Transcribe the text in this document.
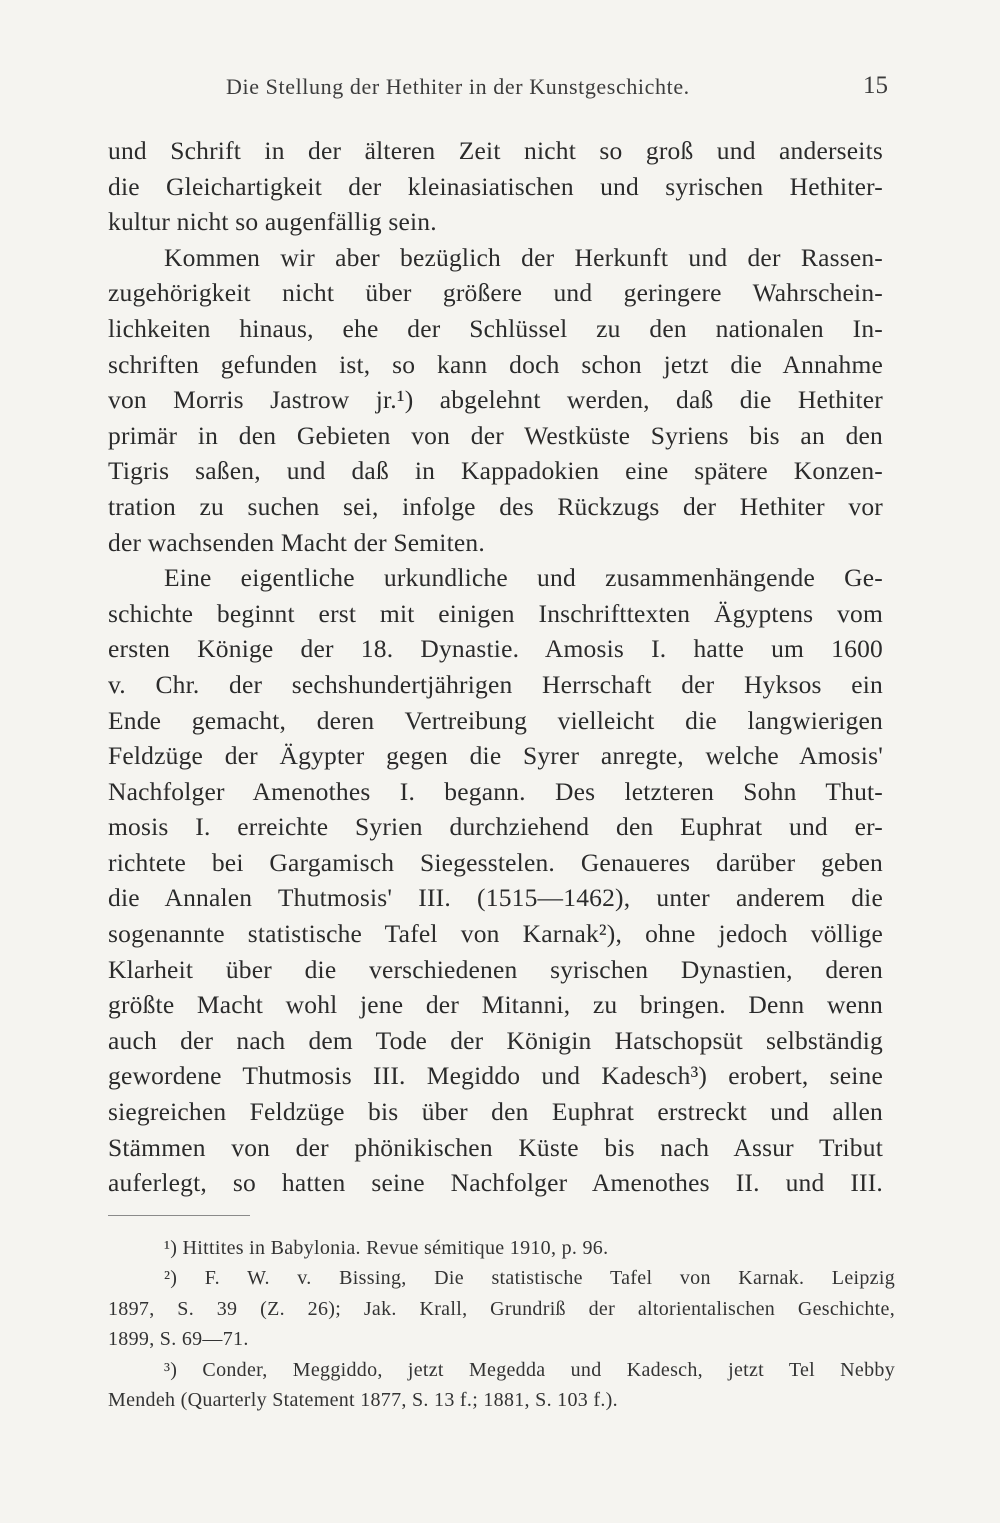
Die Stellung der Hethiter in der Kunstgeschichte.	15
und Schrift in der älteren Zeit nicht so groß und anderseits
die Gleichartigkeit der kleinasiatischen und syrischen Hethiter-
kultur nicht so augenfällig sein.
Kommen wir aber bezüglich der Herkunft und der Rassen-
zugehörigkeit nicht über größere und geringere Wahrschein-
lichkeiten hinaus, ehe der Schlüssel zu den nationalen In-
schriften gefunden ist, so kann doch schon jetzt die Annahme
von Morris Jastrow jr.¹) abgelehnt werden, daß die Hethiter
primär in den Gebieten von der Westküste Syriens bis an den
Tigris saßen, und daß in Kappadokien eine spätere Konzen-
tration zu suchen sei, infolge des Rückzugs der Hethiter vor
der wachsenden Macht der Semiten.
Eine eigentliche urkundliche und zusammenhängende Ge-
schichte beginnt erst mit einigen Inschrifttexten Ägyptens vom
ersten Könige der 18. Dynastie. Amosis I. hatte um 1600
v. Chr. der sechshundertjährigen Herrschaft der Hyksos ein
Ende gemacht, deren Vertreibung vielleicht die langwierigen
Feldzüge der Ägypter gegen die Syrer anregte, welche Amosis'
Nachfolger Amenothes I. begann. Des letzteren Sohn Thut-
mosis I. erreichte Syrien durchziehend den Euphrat und er-
richtete bei Gargamisch Siegesstelen. Genaueres darüber geben
die Annalen Thutmosis' III. (1515—1462), unter anderem die
sogenannte statistische Tafel von Karnak²), ohne jedoch völlige
Klarheit über die verschiedenen syrischen Dynastien, deren
größte Macht wohl jene der Mitanni, zu bringen. Denn wenn
auch der nach dem Tode der Königin Hatschopsüt selbständig
gewordene Thutmosis III. Megiddo und Kadesch³) erobert, seine
siegreichen Feldzüge bis über den Euphrat erstreckt und allen
Stämmen von der phönikischen Küste bis nach Assur Tribut
auferlegt, so hatten seine Nachfolger Amenothes II. und III.
¹) Hittites in Babylonia. Revue sémitique 1910, p. 96.
²) F. W. v. Bissing, Die statistische Tafel von Karnak. Leipzig
1897, S. 39 (Z. 26); Jak. Krall, Grundriß der altorientalischen Geschichte,
1899, S. 69—71.
³) Conder, Meggiddo, jetzt Megedda und Kadesch, jetzt Tel Nebby
Mendeh (Quarterly Statement 1877, S. 13 f.; 1881, S. 103 f.).
